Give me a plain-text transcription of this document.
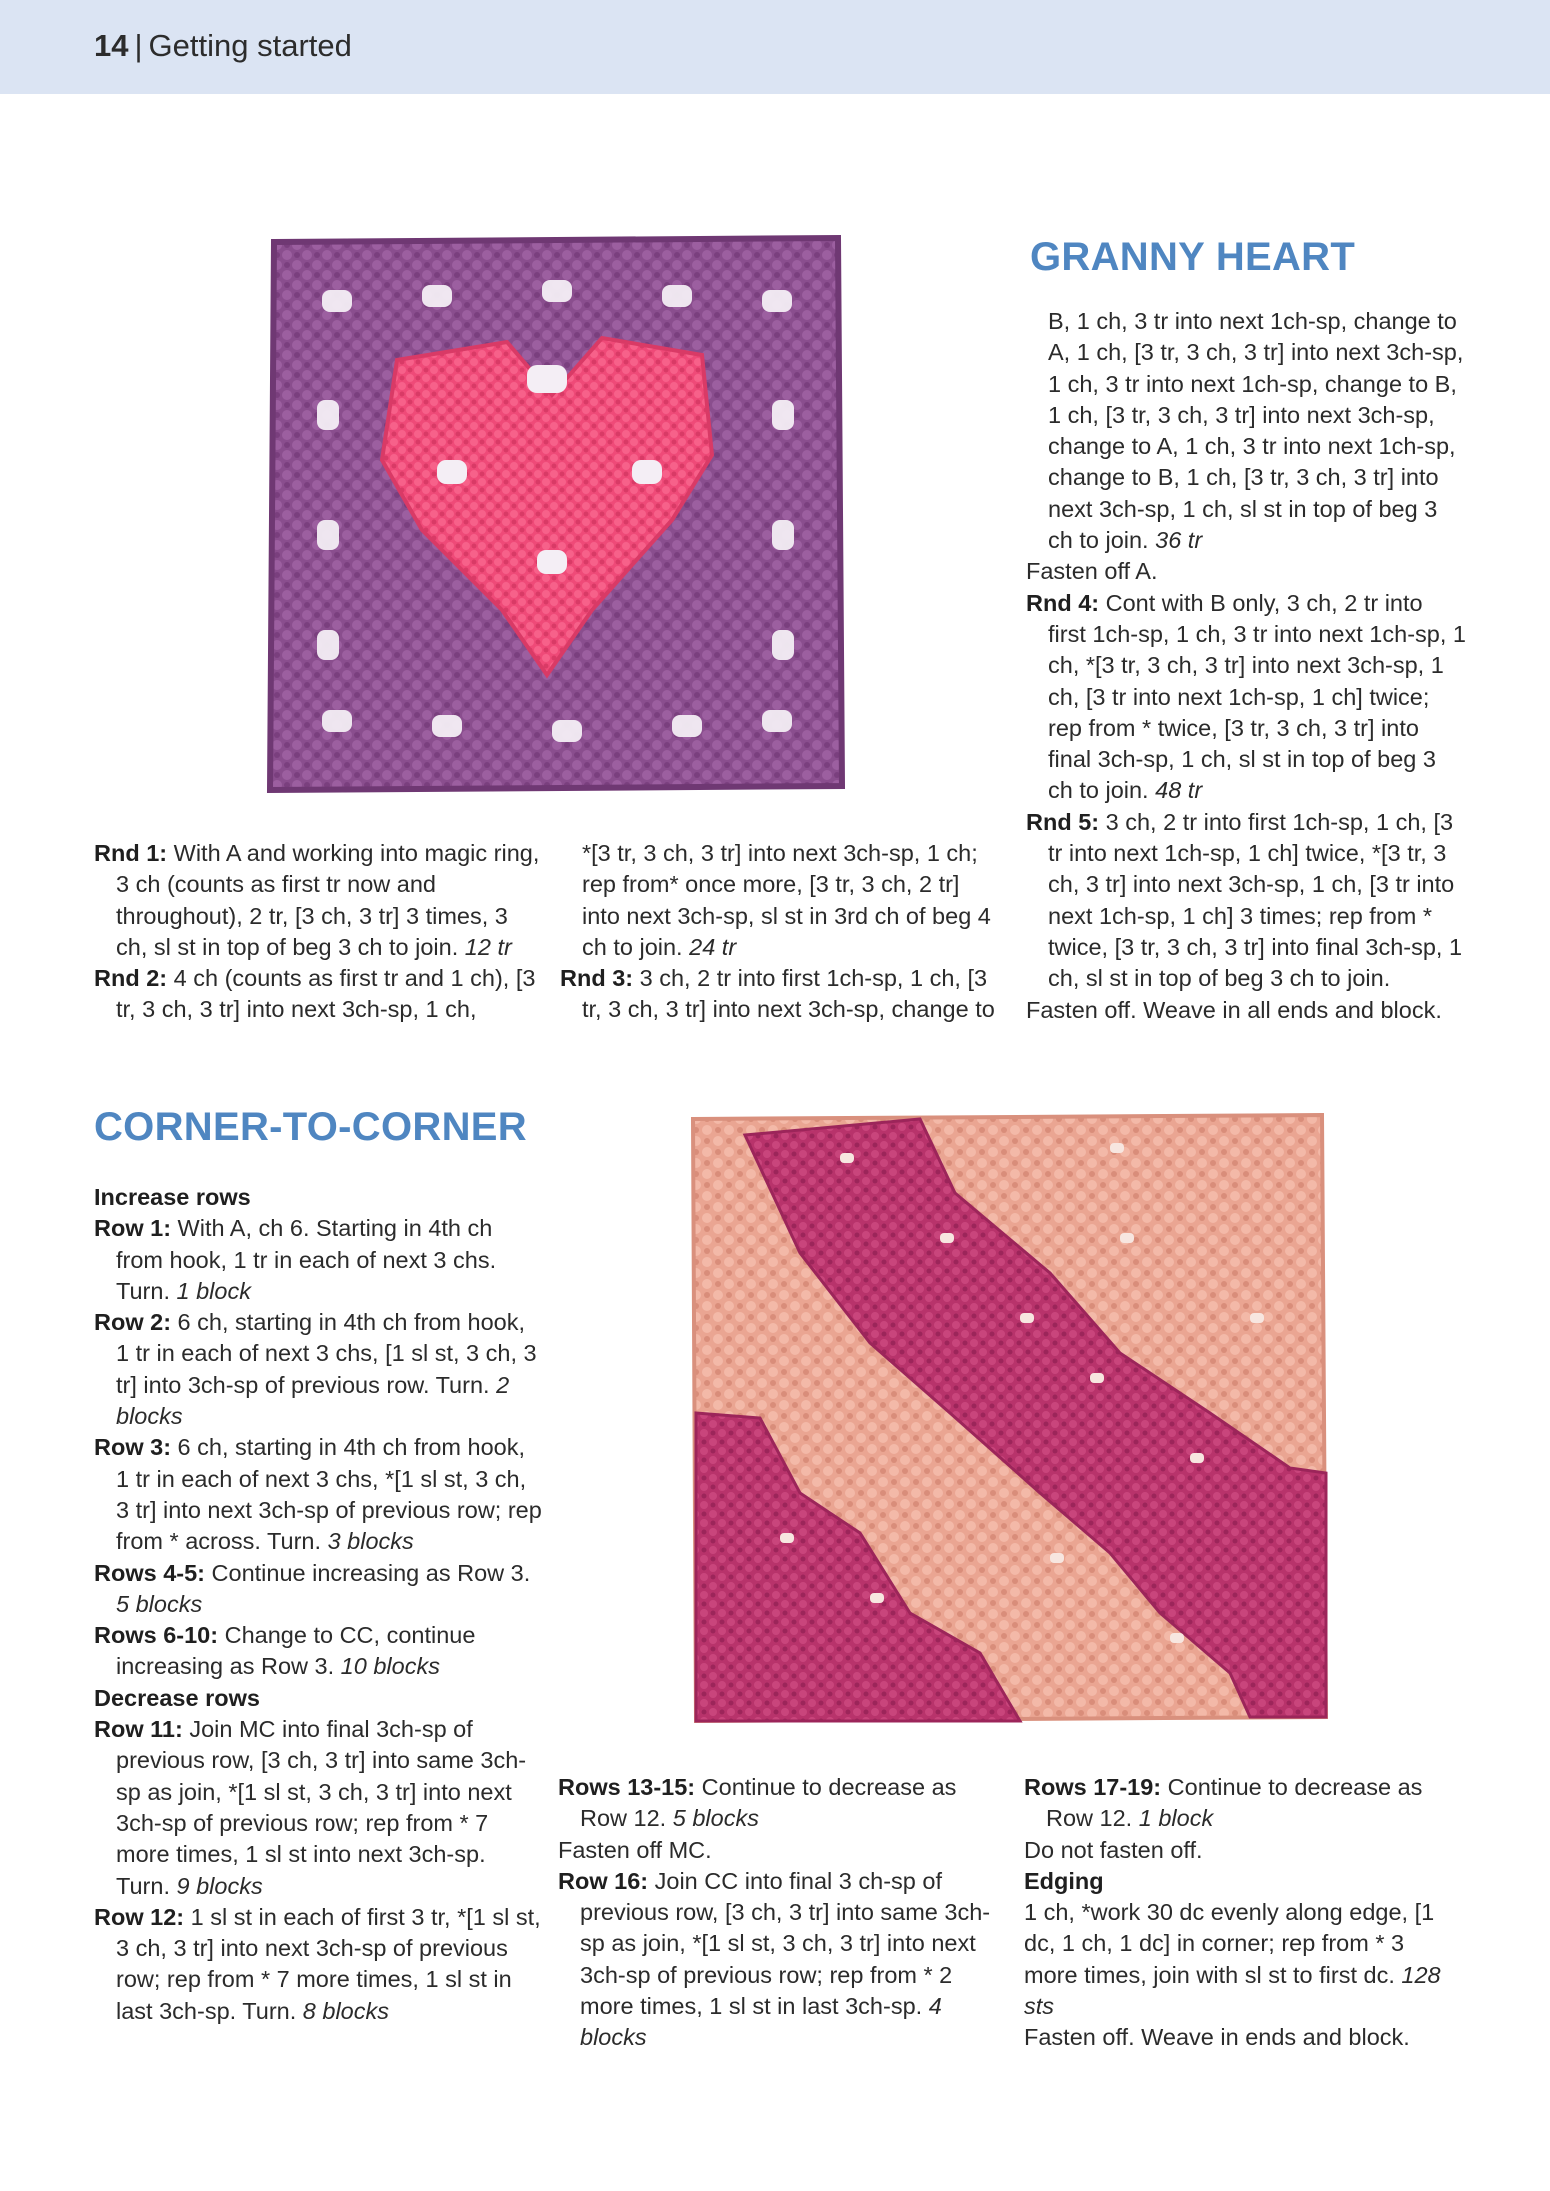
14 | Getting started
GRANNY HEART

Rnd 1: With A and working into magic ring, 3 ch (counts as first tr now and throughout), 2 tr, [3 ch, 3 tr] 3 times, 3 ch, sl st in top of beg 3 ch to join. 12 tr

Rnd 2: 4 ch (counts as first tr and 1 ch), [3 tr, 3 ch, 3 tr] into next 3ch-sp, 1 ch,

*[3 tr, 3 ch, 3 tr] into next 3ch-sp, 1 ch; rep from* once more, [3 tr, 3 ch, 2 tr] into next 3ch-sp, sl st in 3rd ch of beg 4 ch to join. 24 tr

Rnd 3: 3 ch, 2 tr into first 1ch-sp, 1 ch, [3 tr, 3 ch, 3 tr] into next 3ch-sp, change to

B, 1 ch, 3 tr into next 1ch-sp, change to A, 1 ch, [3 tr, 3 ch, 3 tr] into next 3ch-sp, 1 ch, 3 tr into next 1ch-sp, change to B, 1 ch, [3 tr, 3 ch, 3 tr] into next 3ch-sp, change to A, 1 ch, 3 tr into next 1ch-sp, change to B, 1 ch, [3 tr, 3 ch, 3 tr] into next 3ch-sp, 1 ch, sl st in top of beg 3 ch to join. 36 tr

Fasten off A.

Rnd 4: Cont with B only, 3 ch, 2 tr into first 1ch-sp, 1 ch, 3 tr into next 1ch-sp, 1 ch, *[3 tr, 3 ch, 3 tr] into next 3ch-sp, 1 ch, [3 tr into next 1ch-sp, 1 ch] twice; rep from * twice, [3 tr, 3 ch, 3 tr] into final 3ch-sp, 1 ch, sl st in top of beg 3 ch to join. 48 tr

Rnd 5: 3 ch, 2 tr into first 1ch-sp, 1 ch, [3 tr into next 1ch-sp, 1 ch] twice, *[3 tr, 3 ch, 3 tr] into next 3ch-sp, 1 ch, [3 tr into next 1ch-sp, 1 ch] 3 times; rep from * twice, [3 tr, 3 ch, 3 tr] into final 3ch-sp, 1 ch, sl st in top of beg 3 ch to join.

Fasten off. Weave in all ends and block.

CORNER-TO-CORNER

Increase rows

Row 1: With A, ch 6. Starting in 4th ch from hook, 1 tr in each of next 3 chs. Turn. 1 block

Row 2: 6 ch, starting in 4th ch from hook, 1 tr in each of next 3 chs, [1 sl st, 3 ch, 3 tr] into 3ch-sp of previous row. Turn. 2 blocks

Row 3: 6 ch, starting in 4th ch from hook, 1 tr in each of next 3 chs, *[1 sl st, 3 ch, 3 tr] into next 3ch-sp of previous row; rep from * across. Turn. 3 blocks

Rows 4-5: Continue increasing as Row 3. 5 blocks

Rows 6-10: Change to CC, continue increasing as Row 3. 10 blocks

Decrease rows

Row 11: Join MC into final 3ch-sp of previous row, [3 ch, 3 tr] into same 3ch-sp as join, *[1 sl st, 3 ch, 3 tr] into next 3ch-sp of previous row; rep from * 7 more times, 1 sl st into next 3ch-sp. Turn. 9 blocks

Row 12: 1 sl st in each of first 3 tr, *[1 sl st, 3 ch, 3 tr] into next 3ch-sp of previous row; rep from * 7 more times, 1 sl st in last 3ch-sp. Turn. 8 blocks

Rows 13-15: Continue to decrease as Row 12. 5 blocks

Fasten off MC.

Row 16: Join CC into final 3 ch-sp of previous row, [3 ch, 3 tr] into same 3ch-sp as join, *[1 sl st, 3 ch, 3 tr] into next 3ch-sp of previous row; rep from * 2 more times, 1 sl st in last 3ch-sp. 4 blocks

Rows 17-19: Continue to decrease as Row 12. 1 block

Do not fasten off.

Edging

1 ch, *work 30 dc evenly along edge, [1 dc, 1 ch, 1 dc] in corner; rep from * 3 more times, join with sl st to first dc. 128 sts

Fasten off. Weave in ends and block.
